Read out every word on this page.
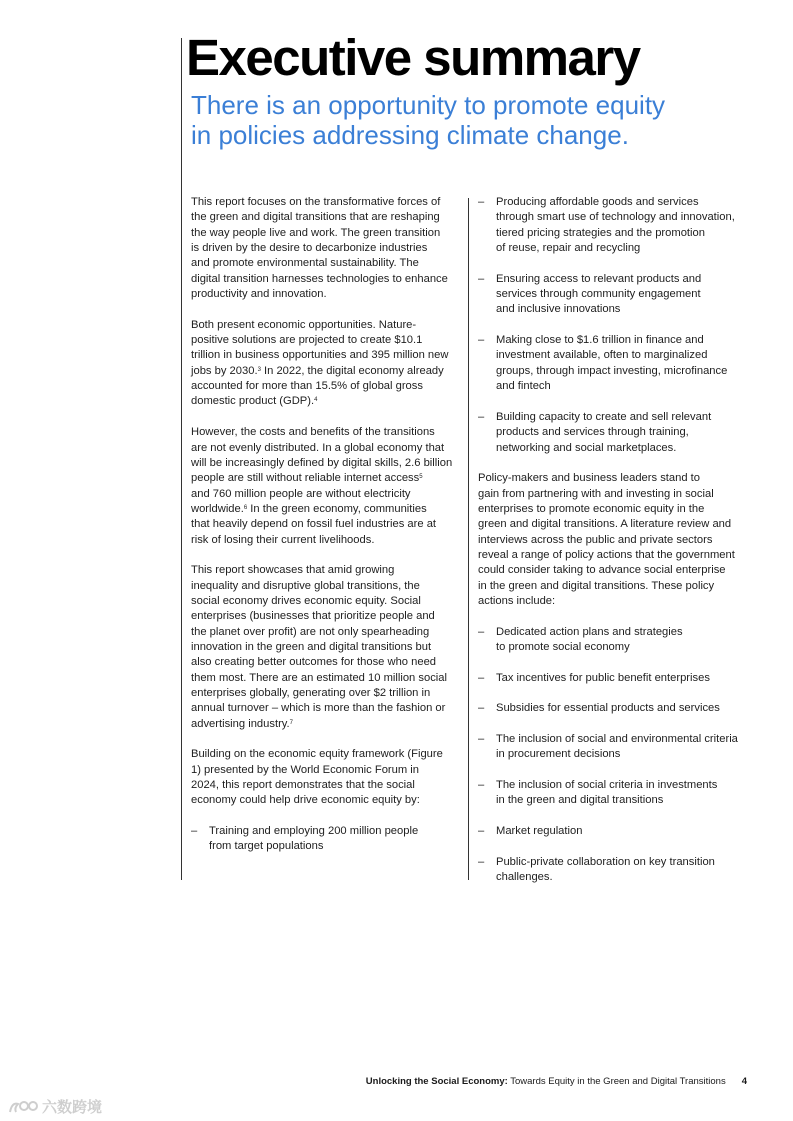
Executive summary
There is an opportunity to promote equity
in policies addressing climate change.

This report focuses on the transformative forces of
the green and digital transitions that are reshaping
the way people live and work. The green transition
is driven by the desire to decarbonize industries
and promote environmental sustainability. The
digital transition harnesses technologies to enhance
productivity and innovation.

Both present economic opportunities. Nature-
positive solutions are projected to create $10.1
trillion in business opportunities and 395 million new
jobs by 2030.$^3$ In 2022, the digital economy already
accounted for more than 15.5% of global gross
domestic product (GDP).$^4$

However, the costs and benefits of the transitions
are not evenly distributed. In a global economy that
will be increasingly defined by digital skills, 2.6 billion
people are still without reliable internet access$^5$
and 760 million people are without electricity
worldwide.$^6$ In the green economy, communities
that heavily depend on fossil fuel industries are at
risk of losing their current livelihoods.

This report showcases that amid growing
inequality and disruptive global transitions, the
social economy drives economic equity. Social
enterprises (businesses that prioritize people and
the planet over profit) are not only spearheading
innovation in the green and digital transitions but
also creating better outcomes for those who need
them most. There are an estimated 10 million social
enterprises globally, generating over $2 trillion in
annual turnover – which is more than the fashion or
advertising industry.$^7$

Building on the economic equity framework (Figure
1) presented by the World Economic Forum in
2024, this report demonstrates that the social
economy could help drive economic equity by:

– Training and employing 200 million people
from target populations
– Producing affordable goods and services
through smart use of technology and innovation,
tiered pricing strategies and the promotion
of reuse, repair and recycling
– Ensuring access to relevant products and
services through community engagement
and inclusive innovations
– Making close to $1.6 trillion in finance and
investment available, often to marginalized
groups, through impact investing, microfinance
and fintech
– Building capacity to create and sell relevant
products and services through training,
networking and social marketplaces.

Policy-makers and business leaders stand to
gain from partnering with and investing in social
enterprises to promote economic equity in the
green and digital transitions. A literature review and
interviews across the public and private sectors
reveal a range of policy actions that the government
could consider taking to advance social enterprise
in the green and digital transitions. These policy
actions include:

– Dedicated action plans and strategies
to promote social economy
– Tax incentives for public benefit enterprises
– Subsidies for essential products and services
– The inclusion of social and environmental criteria
in procurement decisions
– The inclusion of social criteria in investments
in the green and digital transitions
– Market regulation
– Public-private collaboration on key transition
challenges.
Unlocking the Social Economy: Towards Equity in the Green and Digital Transitions 4
六数跨境
